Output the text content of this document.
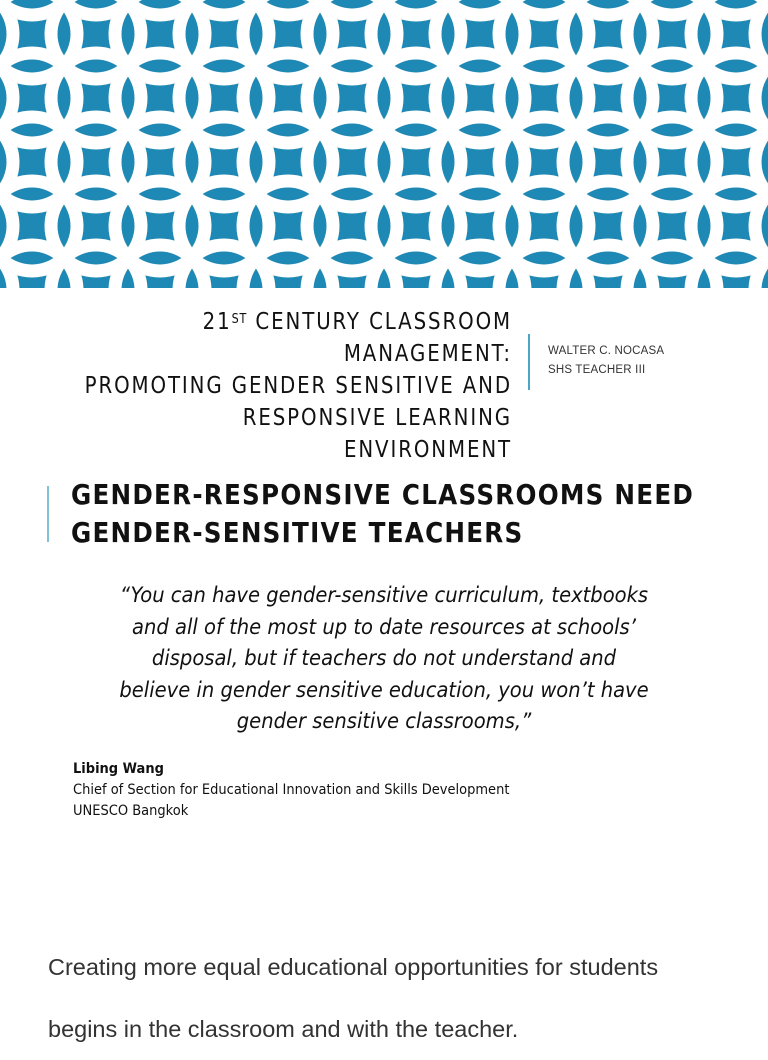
21ST CENTURY CLASSROOM MANAGEMENT:
PROMOTING GENDER SENSITIVE AND
RESPONSIVE LEARNING ENVIRONMENT
WALTER C. NOCASA
SHS TEACHER III
GENDER-RESPONSIVE CLASSROOMS NEED
GENDER-SENSITIVE TEACHERS
“You can have gender-sensitive curriculum, textbooks
and all of the most up to date resources at schools’
disposal, but if teachers do not understand and
believe in gender sensitive education, you won’t have
gender sensitive classrooms,”
Libing Wang
Chief of Section for Educational Innovation and Skills Development
UNESCO Bangkok
Creating more equal educational opportunities for students
begins in the classroom and with the teacher.
